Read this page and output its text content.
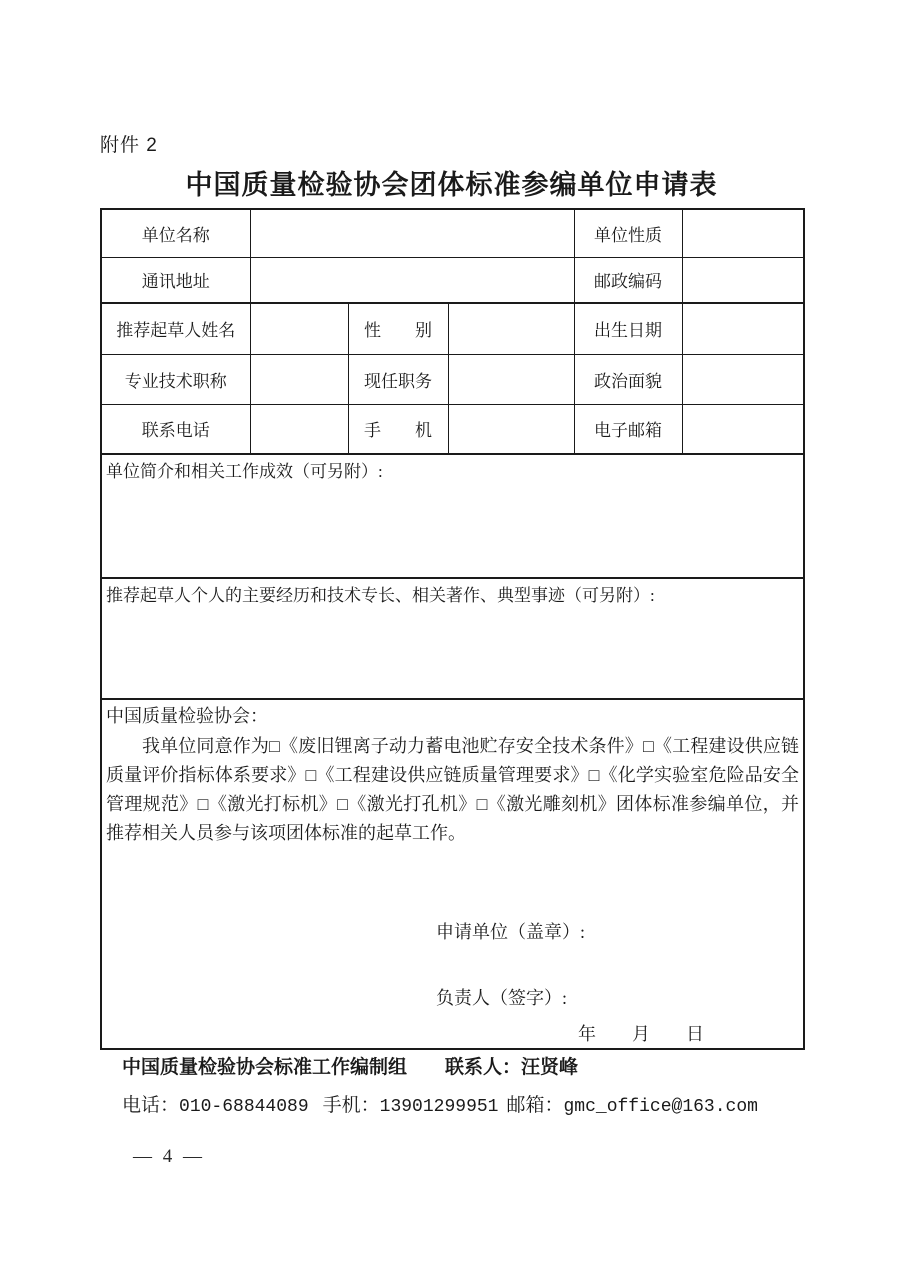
附件 2
中国质量检验协会团体标准参编单位申请表
单位名称				单位性质	
通讯地址				邮政编码	
推荐起草人姓名		性　　别		出生日期	
专业技术职称		现任职务		政治面貌	
联系电话		手　　机		电子邮箱	
单位简介和相关工作成效（可另附）:					
推荐起草人个人的主要经历和技术专长、相关著作、典型事迹（可另附）:					

中国质量检验协会：
我单位同意作为□《废旧锂离子动力蓄电池贮存安全技术条件》□《工程建设供应链质量评价指标体系要求》□《工程建设供应链质量管理要求》□《化学实验室危险品安全管理规范》□《激光打标机》□《激光打孔机》□《激光雕刻机》团体标准参编单位，并推荐相关人员参与该项团体标准的起草工作。
申请单位（盖章）:
负责人（签字）:
年　　月　　日					
中国质量检验协会标准工作编制组　　联系人：汪贤峰
电话：010-68844089 手机：13901299951 邮箱：gmc_office@163.com
— 4 —
